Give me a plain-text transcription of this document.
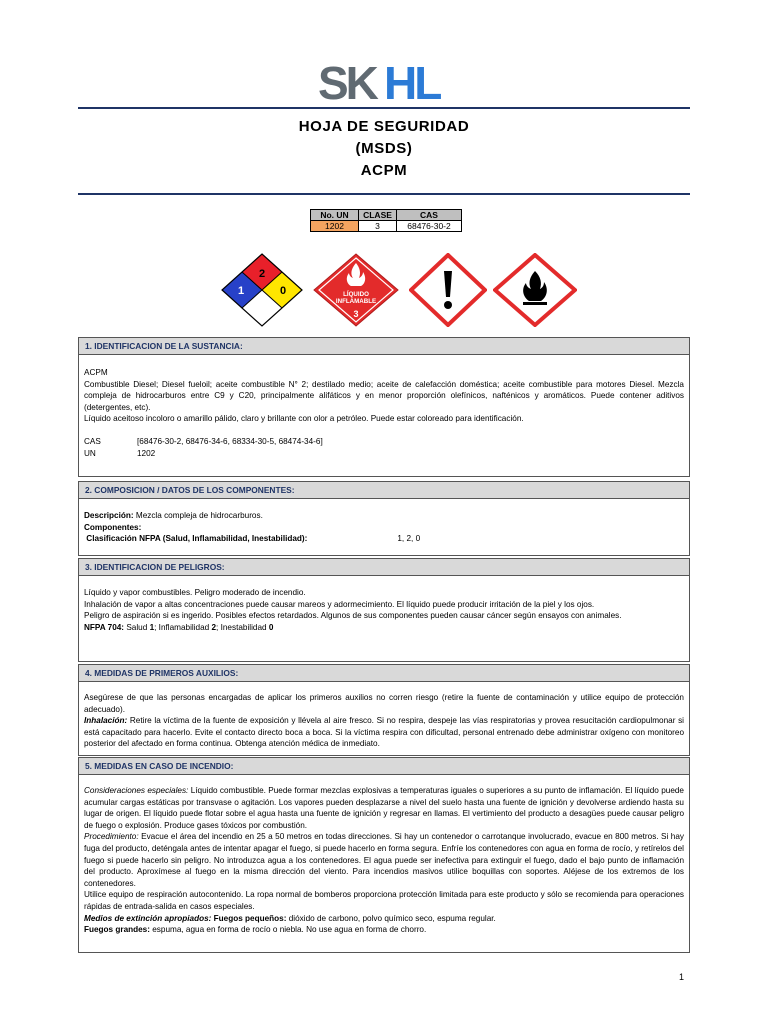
SK HL
HOJA DE SEGURIDAD
(MSDS)
ACPM
No. UN	CLASE	CAS
1202	3	68476-30-2
2
1	0	LÍQUIDO
INFLAMABLE
3
1. IDENTIFICACION DE LA SUSTANCIA:

ACPM

Combustible Diesel; Diesel fueloil; aceite combustible N° 2; destilado medio; aceite de calefacción doméstica; aceite combustible para motores Diesel. Mezcla compleja de hidrocarburos entre C9 y C20, principalmente alifáticos y en menor proporción olefínicos, nafténicos y aromáticos. Puede contener aditivos (detergentes, etc).

Líquido aceitoso incoloro o amarillo pálido, claro y brillante con olor a petróleo. Puede estar coloreado para identificación.

CAS	[68476-30-2, 68476-34-6, 68334-30-5, 68474-34-6]

UN	1202

2. COMPOSICION / DATOS DE LOS COMPONENTES:

Descripción: Mezcla compleja de hidrocarburos.

Componentes:

Clasificación NFPA (Salud, Inflamabilidad, Inestabilidad):	1, 2, 0

3. IDENTIFICACION DE PELIGROS:

Líquido y vapor combustibles. Peligro moderado de incendio.

Inhalación de vapor a altas concentraciones puede causar mareos y adormecimiento. El líquido puede producir irritación de la piel y los ojos.

Peligro de aspiración si es ingerido. Posibles efectos retardados. Algunos de sus componentes pueden causar cáncer según ensayos con animales.

NFPA 704: Salud 1; Inflamabilidad 2; Inestabilidad 0

4. MEDIDAS DE PRIMEROS AUXILIOS:

Asegúrese de que las personas encargadas de aplicar los primeros auxilios no corren riesgo (retire la fuente de contaminación y utilice equipo de protección adecuado).

Inhalación: Retire la víctima de la fuente de exposición y llévela al aire fresco. Si no respira, despeje las vías respiratorias y provea resucitación cardiopulmonar si está capacitado para hacerlo. Evite el contacto directo boca a boca. Si la víctima respira con dificultad, personal entrenado debe administrar oxígeno con monitoreo posterior del afectado en forma continua. Obtenga atención médica de inmediato.

5. MEDIDAS EN CASO DE INCENDIO:

Consideraciones especiales: Líquido combustible. Puede formar mezclas explosivas a temperaturas iguales o superiores a su punto de inflamación. El líquido puede acumular cargas estáticas por transvase o agitación. Los vapores pueden desplazarse a nivel del suelo hasta una fuente de ignición y devolverse ardiendo hasta su lugar de origen. El líquido puede flotar sobre el agua hasta una fuente de ignición y regresar en llamas. El vertimiento del producto a desagües puede causar peligro de fuego o explosión. Produce gases tóxicos por combustión.

Procedimiento: Evacue el área del incendio en 25 a 50 metros en todas direcciones. Si hay un contenedor o carrotanque involucrado, evacue en 800 metros. Si hay fuga del producto, deténgala antes de intentar apagar el fuego, si puede hacerlo en forma segura. Enfríe los contenedores con agua en forma de rocío, y retírelos del fuego si puede hacerlo sin peligro. No introduzca agua a los contenedores. El agua puede ser inefectiva para extinguir el fuego, dado el bajo punto de inflamación del producto. Aproxímese al fuego en la misma dirección del viento. Para incendios masivos utilice boquillas con soportes. Aléjese de los extremos de los contenedores.

Utilice equipo de respiración autocontenido. La ropa normal de bomberos proporciona protección limitada para este producto y sólo se recomienda para operaciones rápidas de entrada-salida en casos especiales.

Medios de extinción apropiados: Fuegos pequeños: dióxido de carbono, polvo químico seco, espuma regular.

Fuegos grandes: espuma, agua en forma de rocío o niebla. No use agua en forma de chorro.

1
